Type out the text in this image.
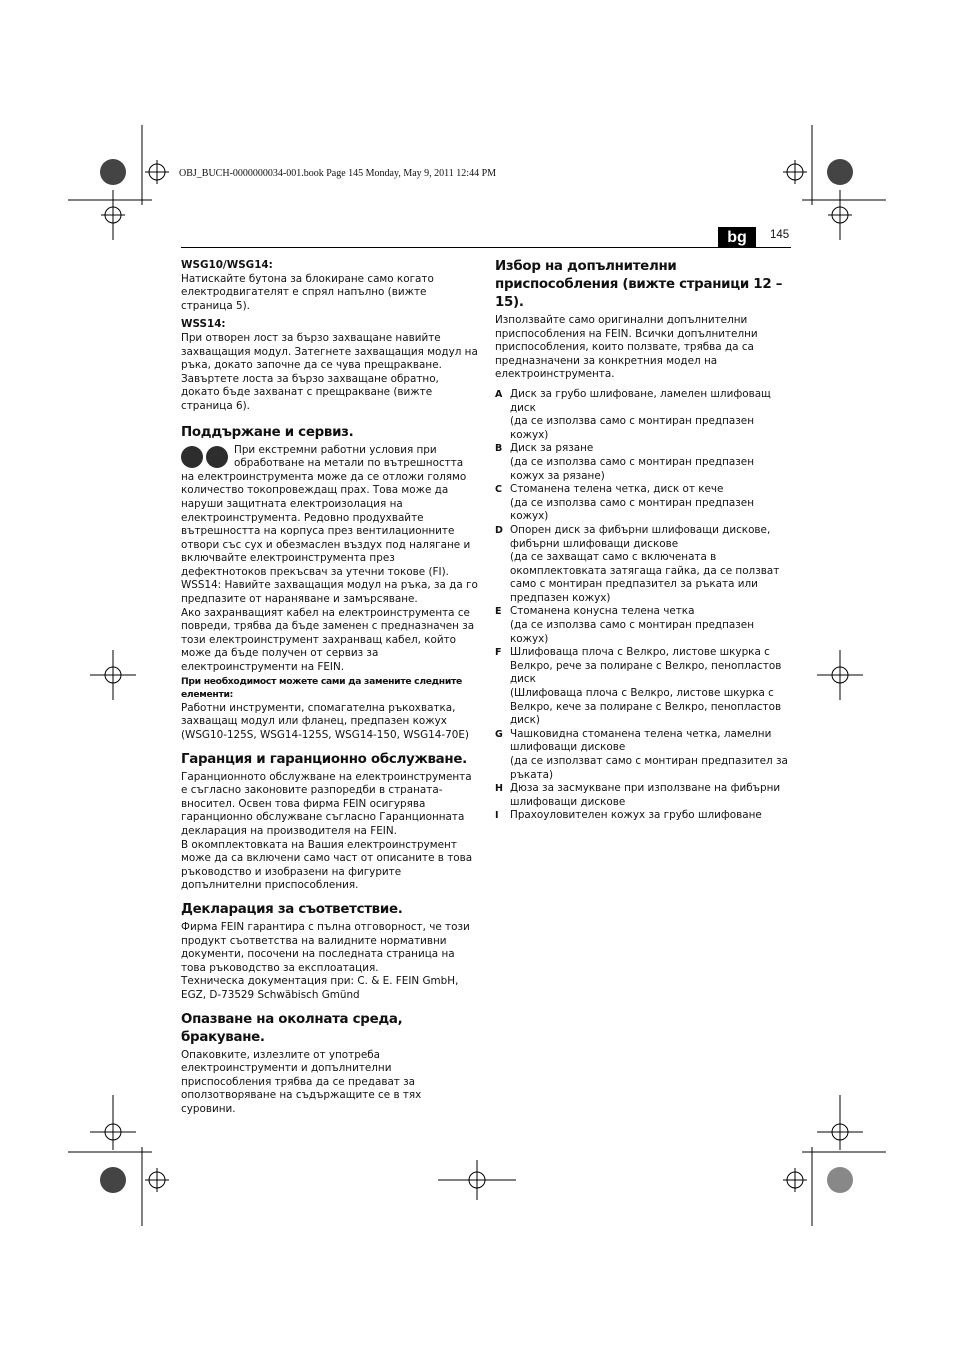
OBJ_BUCH-0000000034-001.book Page 145 Monday, May 9, 2011 12:44 PM
bg	145

WSG10/WSG14:

Натискайте бутона за блокиране само когато електродвигателят е спрял напълно (вижте страница 5).

WSS14:

При отворен лост за бързо захващане навийте захващащия модул. Затегнете захващащия модул на ръка, докато започне да се чува прещракване. Завъртете лоста за бързо захващане обратно, докато бъде захванат с прещракване (вижте страница 6).

Поддържане и сервиз.

При екстремни работни условия при обработване на метали по вътрешността на електроинструмента може да се отложи голямо количество токопровеждащ прах. Това може да наруши защитната електроизолация на електроинструмента. Редовно продухвайте вътрешността на корпуса през вентилационните отвори със сух и обезмаслен въздух под налягане и включвайте електроинструмента през дефектнотоков прекъсвач за утечни токове (FI).

WSS14: Навийте захващащия модул на ръка, за да го предпазите от нараняване и замърсяване.

Ако захранващият кабел на електроинструмента се повреди, трябва да бъде заменен с предназначен за този електроинструмент захранващ кабел, който може да бъде получен от сервиз за електроинструменти на FEIN.

При необходимост можете сами да замените следните елементи:

Работни инструменти, спомагателна ръкохватка, захващащ модул или фланец, предпазен кожух (WSG10-125S, WSG14-125S, WSG14-150, WSG14-70E)

Гаранция и гаранционно обслужване.

Гаранционното обслужване на електроинструмента е съгласно законовите разпоредби в страната-вносител. Освен това фирма FEIN осигурява гаранционно обслужване съгласно Гаранционната декларация на производителя на FEIN.

В окомплектовката на Вашия електроинструмент може да са включени само част от описаните в това ръководство и изобразени на фигурите допълнителни приспособления.

Декларация за съответствие.

Фирма FEIN гарантира с пълна отговорност, че този продукт съответства на валидните нормативни документи, посочени на последната страница на това ръководство за експлоатация.

Техническа документация при: C. & E. FEIN GmbH, EGZ, D-73529 Schwäbisch Gmünd

Опазване на околната среда, бракуване.

Опаковките, излезлите от употреба електроинструменти и допълнителни приспособления трябва да се предават за оползотворяване на съдържащите се в тях суровини.

Избор на допълнителни приспособления (вижте страници 12 – 15).

Използвайте само оригинални допълнителни приспособления на FEIN. Всички допълнителни приспособления, които ползвате, трябва да са предназначени за конкретния модел на електроинструмента.

A Диск за грубо шлифоване, ламелен шлифоващ диск
(да се използва само с монтиран предпазен кожух)
B Диск за рязане
(да се използва само с монтиран предпазен кожух за рязане)
C Стоманена телена четка, диск от кече
(да се използва само с монтиран предпазен кожух)
D Опорен диск за фибърни шлифоващи дискове, фибърни шлифоващи дискове
(да се захващат само с включената в окомплектовката затягаща гайка, да се ползват само с монтиран предпазител за ръката или предпазен кожух)
E Стоманена конусна телена четка
(да се използва само с монтиран предпазен кожух)
F Шлифоваща плоча с Велкро, листове шкурка с Велкро, рече за полиране с Велкро, пенопластов диск
(Шлифоваща плоча с Велкро, листове шкурка с Велкро, кече за полиране с Велкро, пенопластов диск)
G Чашковидна стоманена телена четка, ламелни шлифоващи дискове
(да се използват само с монтиран предпазител за ръката)
H Дюза за засмукване при използване на фибърни шлифоващи дискове
I	Прахоуловителен кожух за грубо шлифоване
